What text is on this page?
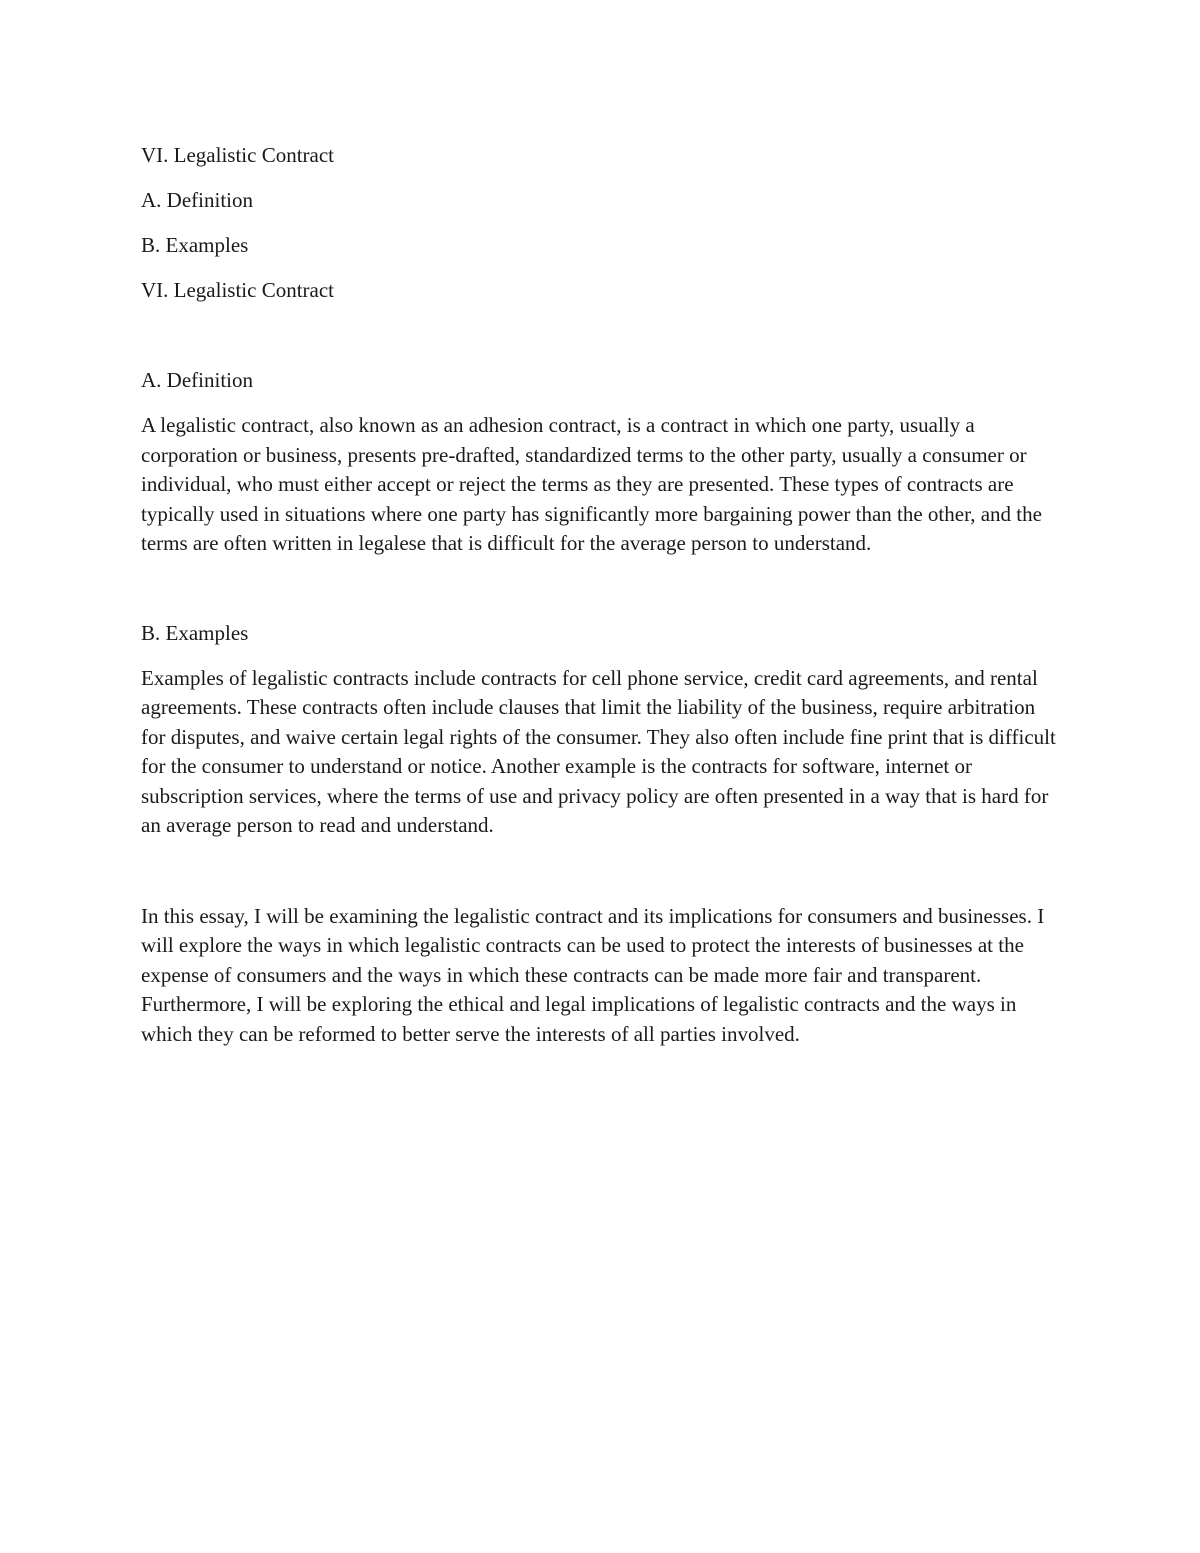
VI. Legalistic Contract
A. Definition
B. Examples
VI. Legalistic Contract
A. Definition

A legalistic contract, also known as an adhesion contract, is a contract in which one party, usually a corporation or business, presents pre-drafted, standardized terms to the other party, usually a consumer or individual, who must either accept or reject the terms as they are presented. These types of contracts are typically used in situations where one party has significantly more bargaining power than the other, and the terms are often written in legalese that is difficult for the average person to understand.

B. Examples

Examples of legalistic contracts include contracts for cell phone service, credit card agreements, and rental agreements. These contracts often include clauses that limit the liability of the business, require arbitration for disputes, and waive certain legal rights of the consumer. They also often include fine print that is difficult for the consumer to understand or notice. Another example is the contracts for software, internet or subscription services, where the terms of use and privacy policy are often presented in a way that is hard for an average person to read and understand.

In this essay, I will be examining the legalistic contract and its implications for consumers and businesses. I will explore the ways in which legalistic contracts can be used to protect the interests of businesses at the expense of consumers and the ways in which these contracts can be made more fair and transparent. Furthermore, I will be exploring the ethical and legal implications of legalistic contracts and the ways in which they can be reformed to better serve the interests of all parties involved.
